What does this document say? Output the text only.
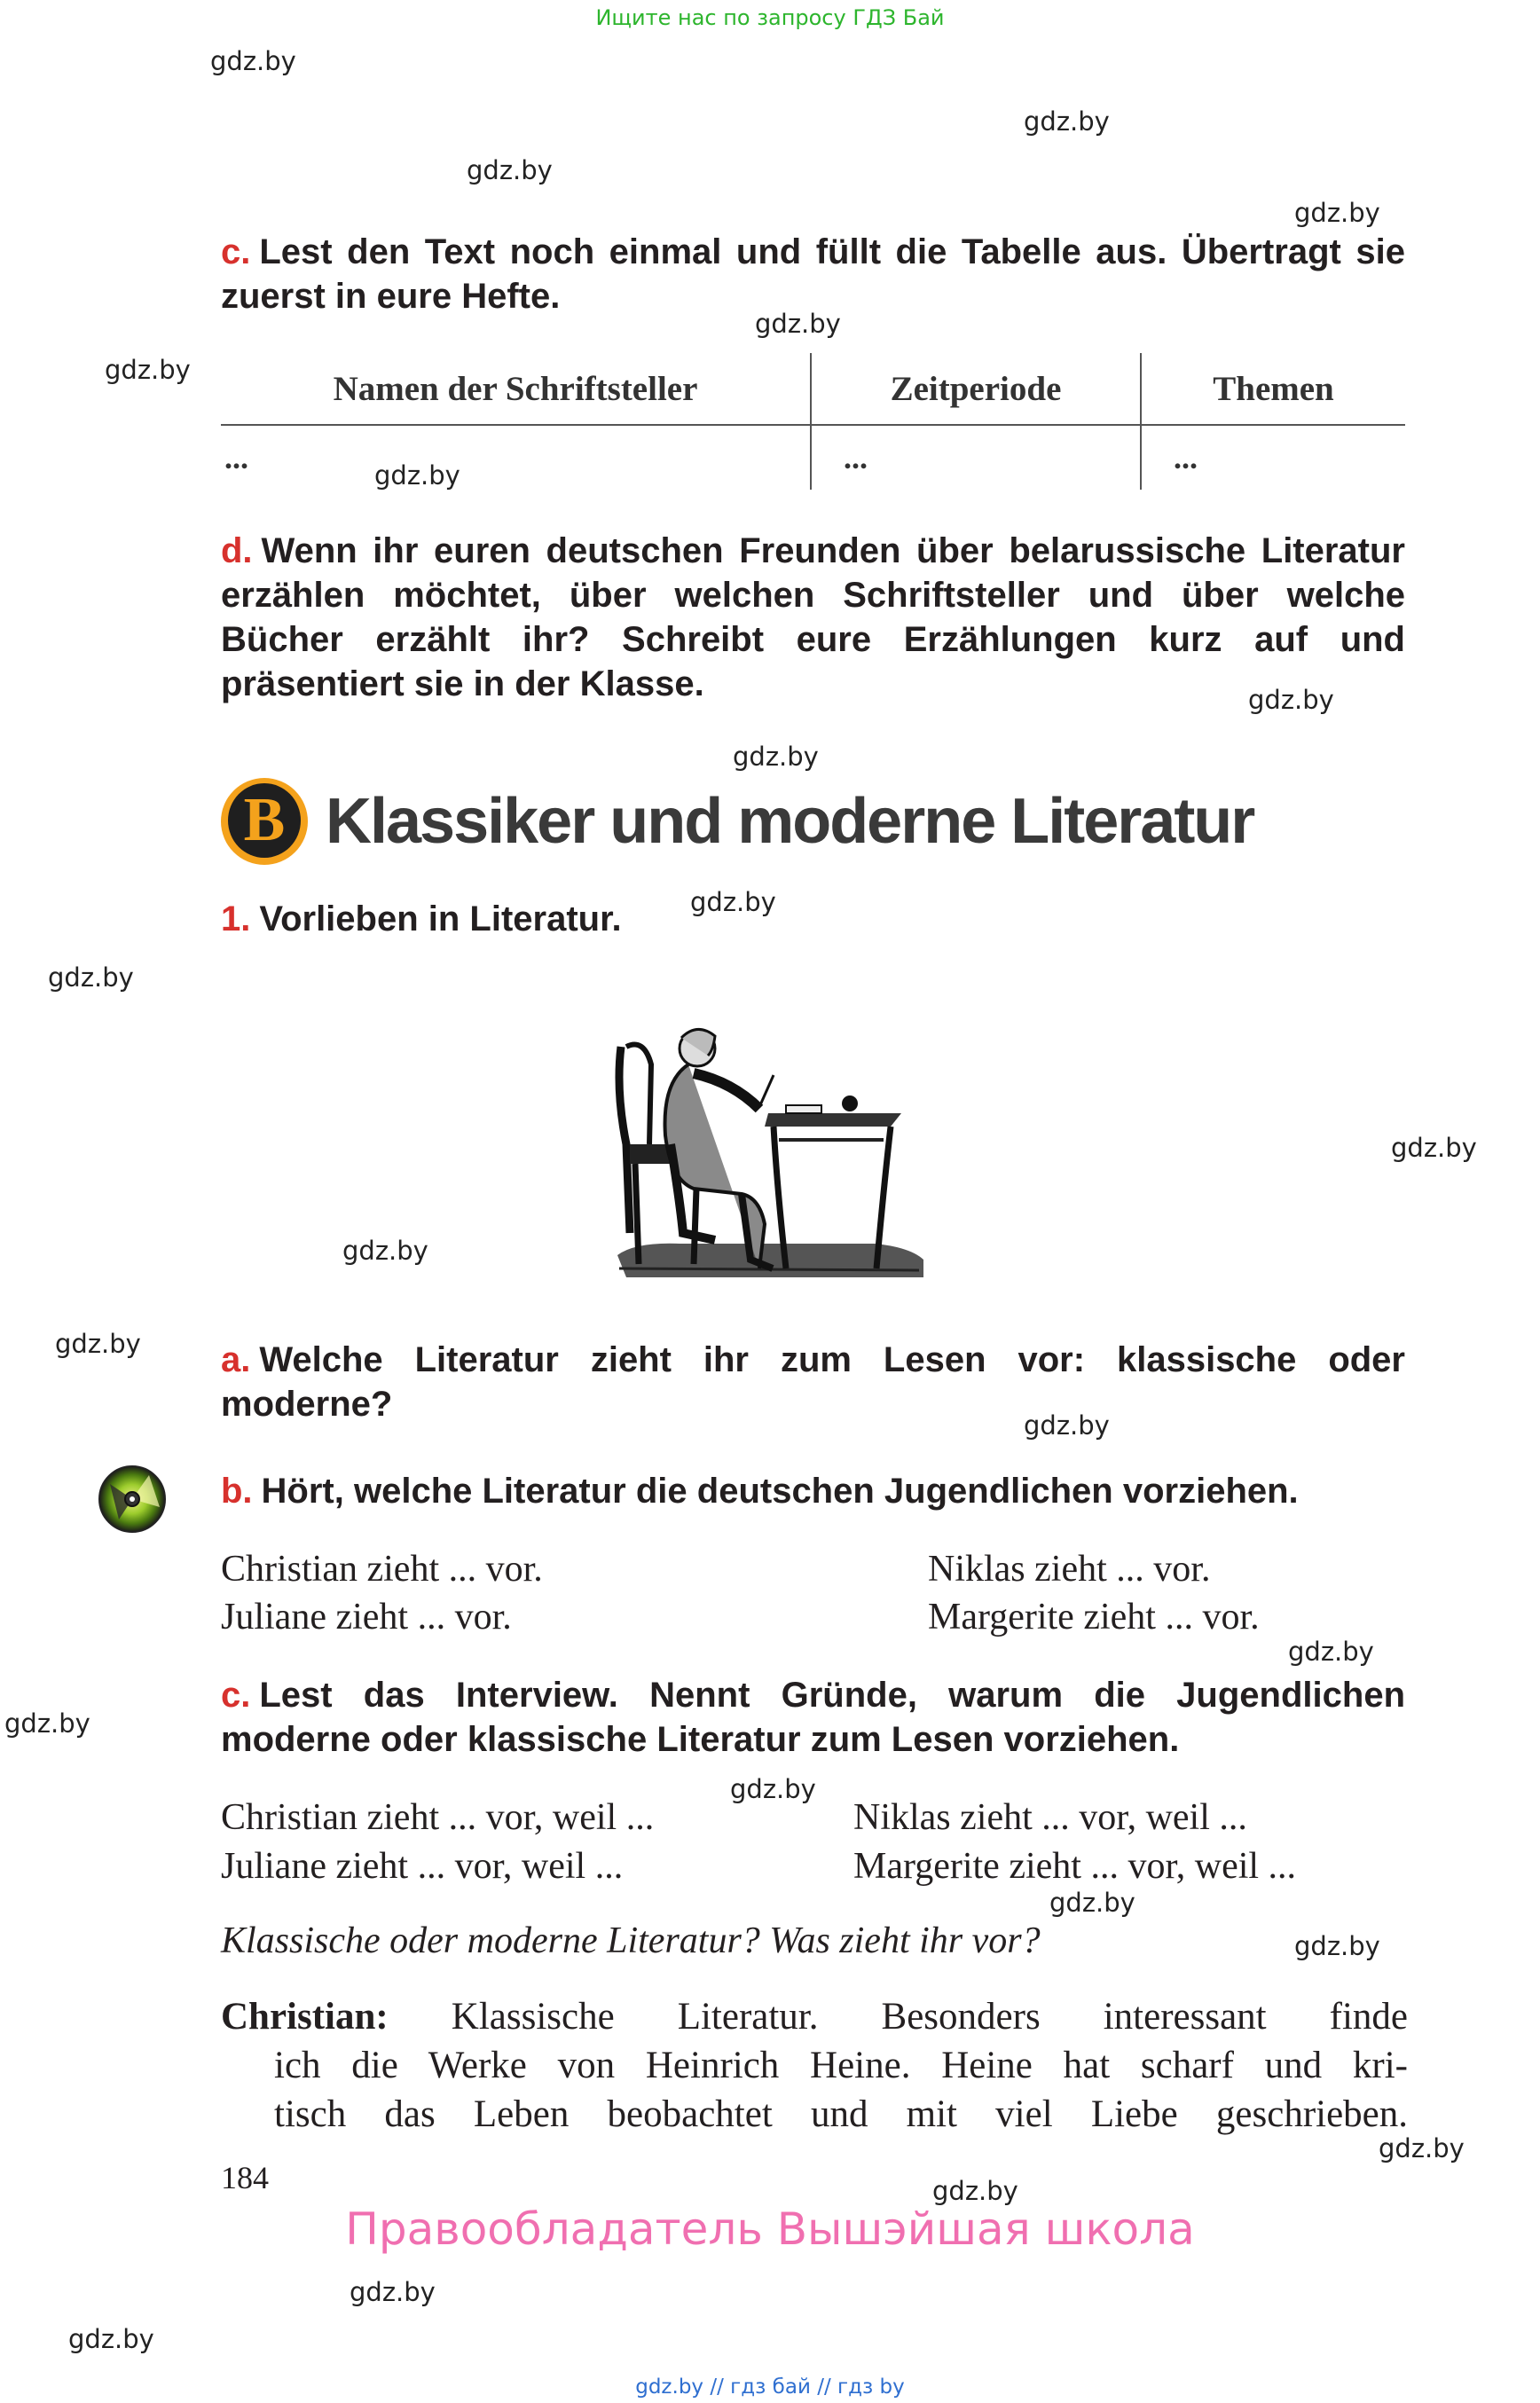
Ищите нас по запросу ГДЗ Бай
gdz.by
gdz.by
gdz.by
gdz.by
gdz.by
gdz.by
gdz.by
gdz.by
gdz.by
gdz.by
gdz.by
gdz.by
gdz.by
gdz.by
gdz.by
gdz.by
gdz.by
gdz.by
gdz.by
gdz.by
gdz.by
gdz.by
gdz.by
gdz.by
c. Lest den Text noch einmal und füllt die Tabelle aus. Übertragt sie zuerst in eure Hefte.
Namen der Schriftsteller	Zeitperiode	Themen
...	...	...
d. Wenn ihr euren deutschen Freunden über belarussische Literatur erzählen möchtet, über welchen Schriftsteller und über welche Bücher erzählt ihr? Schreibt eure Erzählungen kurz auf und präsentiert sie in der Klasse.
B Klassiker und moderne Literatur
1. Vorlieben in Literatur.
a. Welche Literatur zieht ihr zum Lesen vor: klassische oder moderne?
b. Hört, welche Literatur die deutschen Jugendlichen vorziehen.
Christian zieht ... vor.	Niklas zieht ... vor.
Juliane zieht ... vor.	Margerite zieht ... vor.
c. Lest das Interview. Nennt Gründe, warum die Jugendlichen moderne oder klassische Literatur zum Lesen vorziehen.
Christian zieht ... vor, weil ...	Niklas zieht ... vor, weil ...
Juliane zieht ... vor, weil ...	Margerite zieht ... vor, weil ...
Klassische oder moderne Literatur? Was zieht ihr vor?

Christian: Klassische Literatur. Besonders interessant finde

ich die Werke von Heinrich Heine. Heine hat scharf und kri-

tisch das Leben beobachtet und mit viel Liebe geschrieben.

184
Правообладатель Вышэйшая школа
gdz.by // гдз бай // гдз by
